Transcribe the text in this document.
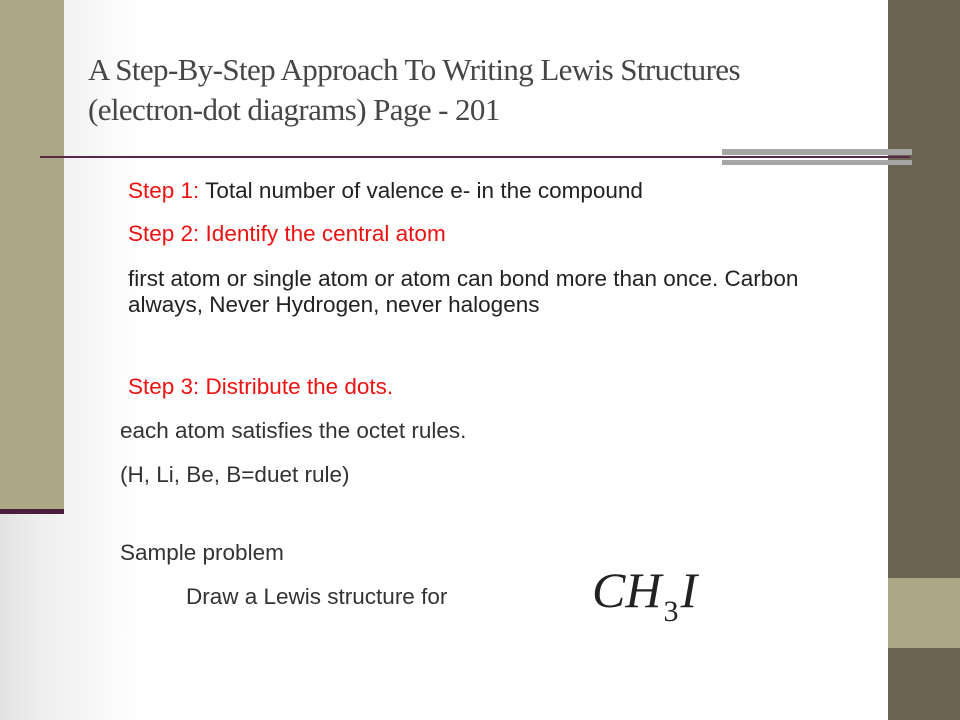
A Step-By-Step Approach To Writing Lewis Structures
(electron-dot diagrams) Page - 201
Step 1: Total number of valence e- in the compound
Step 2: Identify the central atom
first atom or single atom or atom can bond more than once. Carbon always, Never Hydrogen, never halogens
Step 3: Distribute the dots.
each atom satisfies the octet rules.
(H, Li, Be, B=duet rule)
Sample problem
Draw a Lewis structure for	$CH_3I$
